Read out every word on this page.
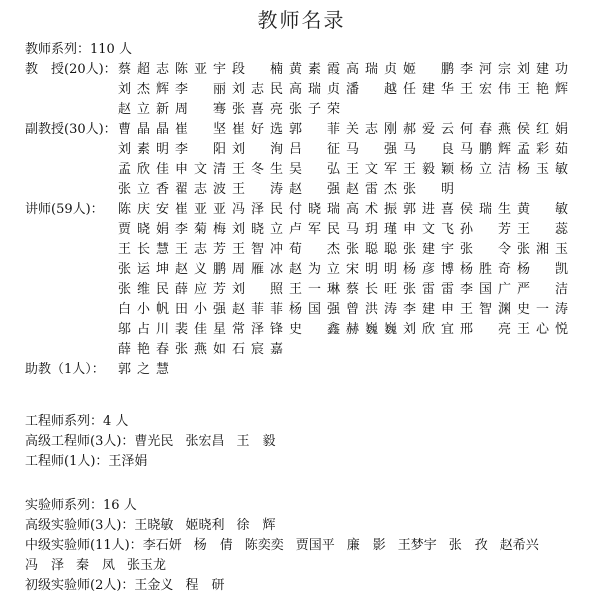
教师名录
教师系列：110 人
教　授(20人)： 蔡超志 陈亚宇 段　楠 黄素霞 高瑞贞 姬　鹏 李河宗 刘建功
刘杰辉 李　丽 刘志民 高瑞贞 潘　越 任建华 王宏伟 王艳辉
赵立新 周　骞 张喜亮 张子荣
副教授(30人)： 曹晶晶 崔　坚 崔好选 郭　菲 关志刚 郝爱云 何春燕 侯红娟
刘素明 李　阳 刘　洵 吕　征 马　强 马　良 马鹏辉 孟彩茹
孟欣佳 申文清 王冬生 吴　弘 王文军 王毅颖 杨立洁 杨玉敏
张立香 翟志波 王　涛 赵　强 赵雷杰 张　明
讲师(59人)： 陈庆安 崔亚亚 冯泽民 付晓瑞 高术振 郭进喜 侯瑞生 黄　敏
贾晓娟 李菊梅 刘晓立 卢军民 马玥瑾 申文飞 孙　芳 王　蕊
王长慧 王志芳 王智冲 荀　杰 张聪聪 张建宇 张　令 张湘玉
张运坤 赵义鹏 周雁冰 赵为立 宋明明 杨彦博 杨胜奇 杨　凯
张维民 薛应芳 刘　照 王一琳 蔡长旺 张雷雷 李国广 严　洁
白小帆 田小强 赵菲菲 杨国强 曾洪涛 李建申 王智渊 史一涛
邬占川 裴佳星 常泽锋 史　鑫 赫巍巍 刘欣宜 邢　亮 王心悦
薛艳春 张燕如 石宸嘉
助教（1人）： 郭之慧
工程师系列：4 人
高级工程师(3人)：曹光民 张宏昌 王　毅
工程师(1人)：王泽娟
实验师系列：16 人
高级实验师(3人)：王晓敏 姬晓利 徐　辉
中级实验师(11人)：李石妍 杨　倩 陈奕奕 贾国平 廉　影 王梦宇 张　孜 赵希兴
冯　泽 秦　凤 张玉龙
初级实验师(2人)：王金义 程　研
